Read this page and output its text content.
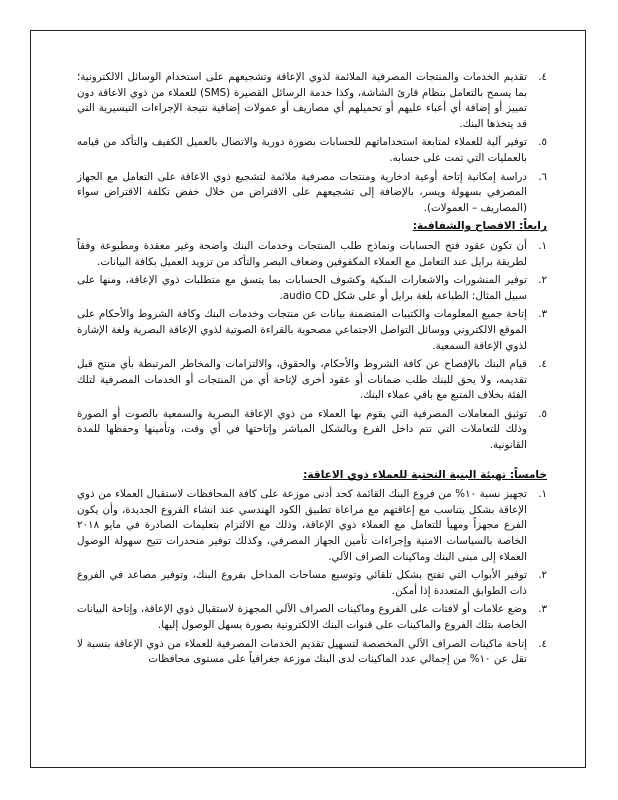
٤.
تقديم الخدمات والمنتجات المصرفية الملائمة لذوي الإعاقة وتشجيعهم على استخدام الوسائل الالكترونية؛ بما يسمح بالتعامل بنظام قارئ الشاشة، وكذا خدمة الرسائل القصيرة (SMS) للعملاء من ذوي الاعاقة دون تمييز أو إضافة أي أعباء عليهم أو تحميلهم أي مصاريف أو عمولات إضافية نتيجة الإجراءات التيسيرية التي قد يتخذها البنك.
٥.
توفير آلية للعملاء لمتابعة استخداماتهم للحسابات بصورة دورية والاتصال بالعميل الكفيف والتأكد من قيامه بالعمليات التي تمت على حسابه.
٦.
دراسة إمكانية إتاحة أوعية ادخارية ومنتجات مصرفية ملائمة لتشجيع ذوي الاعاقة على التعامل مع الجهاز المصرفي بسهولة ويسر، بالإضافة إلى تشجيعهم على الاقتراض من خلال خفض تكلفة الاقتراض سواء (المصاريف – العمولات).
رابعاً: الافصاح والشفافية:
١.
أن تكون عقود فتح الحسابات ونماذج طلب المنتجات وخدمات البنك واضحة وغير معقدة ومطبوعة وفقاً لطريقة برايل عند التعامل مع العملاء المكفوفين وضعاف البصر والتأكد من تزويد العميل بكافة البيانات.
٢.
توفير المنشورات والاشعارات البنكية وكشوف الحسابات بما يتسق مع متطلبات ذوي الإعاقة، ومنها على سبيل المثال: الطباعة بلغة برايل أو على شكل audio CD.
٣.
إتاحة جميع المعلومات والكتيبات المتضمنة بيانات عن منتجات وخدمات البنك وكافة الشروط والأحكام على الموقع الالكتروني ووسائل التواصل الاجتماعي مصحوبة بالقراءة الصوتية لذوي الإعاقة البصرية ولغة الإشارة لذوي الإعاقة السمعية.
٤.
قيام البنك بالإفصاح عن كافة الشروط والأحكام، والحقوق، والالتزامات والمخاطر المرتبطة بأي منتج قبل تقديمه، ولا يحق للبنك طلب ضمانات أو عقود أخرى لإتاحة أي من المنتجات أو الخدمات المصرفية لتلك الفئة بخلاف المتبع مع باقي عملاء البنك.
٥.
توثيق المعاملات المصرفية التي يقوم بها العملاء من ذوي الإعاقة البصرية والسمعية بالصوت أو الصورة وذلك للتعاملات التي تتم داخل الفرع وبالشكل المباشر وإتاحتها في أي وقت، وتأمينها وحفظها للمدة القانونية.
خامساً: تهيئة البنية التحتية للعملاء ذوي الاعاقة:
١.
تجهيز نسبة ١٠% من فروع البنك القائمة كحد أدنى موزعة على كافة المحافظات لاستقبال العملاء من ذوي الإعاقة بشكل يتناسب مع إعاقتهم مع مراعاة تطبيق الكود الهندسي عند انشاء الفروع الجديدة، وأن يكون الفرع مجهزاً ومهيأ للتعامل مع العملاء ذوي الإعاقة، وذلك مع الالتزام بتعليمات الصادرة في مايو ٢٠١٨ الخاصة بالسياسات الامنية وإجراءات تأمين الجهاز المصرفي، وكذلك توفير منحدرات تتيح سهولة الوصول العملاء إلى مبنى البنك وماكينات الصراف الآلي.
٢.
توفير الأبواب التي تفتح بشكل تلقائي وتوسيع مساحات المداخل بفروع البنك، وتوفير مصاعد في الفروع ذات الطوابق المتعددة إذا أمكن.
٣.
وضع علامات أو لافتات على الفروع وماكينات الصراف الآلي المجهزة لاستقبال ذوي الإعاقة، وإتاحة البيانات الخاصة بتلك الفروع والماكينات على قنوات البنك الالكترونية بصورة يسهل الوصول إليها.
٤.
إتاحة ماكينات الصراف الآلي المخصصة لتسهيل تقديم الخدمات المصرفية للعملاء من ذوي الإعاقة بنسبة لا تقل عن ١٠% من إجمالي عدد الماكينات لدى البنك موزعة جغرافياً على مستوى محافظات
